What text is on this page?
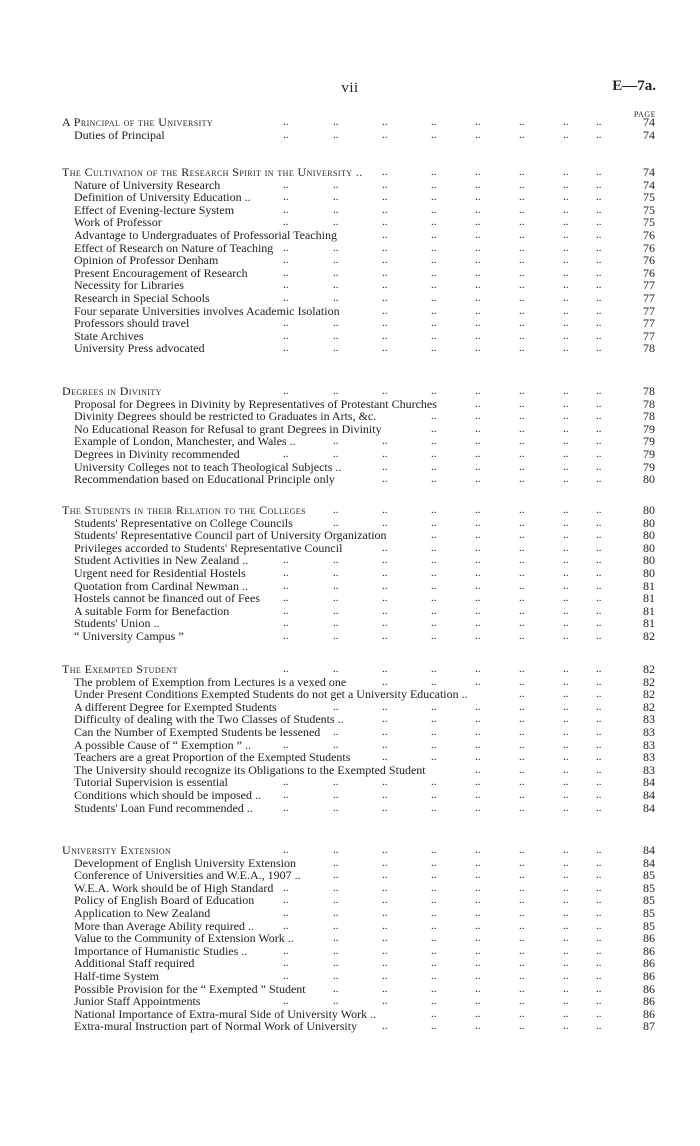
vii	E—7a.
PAGE
A Principal of the University	..	..	..	..	..	..	..	..	74
Duties of Principal	..	..	..	..	..	..	..	..	74
The Cultivation of the Research Spirit in the University .. ..	..	..	..	..	..	74
Nature of University Research	..	..	..	..	..	..	..	..	74
Definition of University Education ..	..	..	..	..	..	..	..	..	75
Effect of Evening-lecture System	..	..	..	..	..	..	..	..	75
Work of Professor	..	..	..	..	..	..	..	..	75
Advantage to Undergraduates of Professorial Teaching	..	..	..	..	..	..	76
Effect of Research on Nature of Teaching ..	..	..	..	..	..	..	..	76
Opinion of Professor Denham	..	..	..	..	..	..	..	..	76
Present Encouragement of Research	..	..	..	..	..	..	..	..	76
Necessity for Libraries	..	..	..	..	..	..	..	..	77
Research in Special Schools	..	..	..	..	..	..	..	..	77
Four separate Universities involves Academic Isolation	..	..	..	..	..	..	77
Professors should travel	..	..	..	..	..	..	..	..	77
State Archives	..	..	..	..	..	..	..	..	77
University Press advocated	..	..	..	..	..	..	..	..	78
Degrees in Divinity	..	..	..	..	..	..	..	..	78
Proposal for Degrees in Divinity by Representatives of Protestant Churches	..	..	..	..	78
Divinity Degrees should be restricted to Graduates in Arts, &c.	..	..	..	..	..	78
No Educational Reason for Refusal to grant Degrees in Divinity	..	..	..	..	..	79
Example of London, Manchester, and Wales ..	..	..	..	..	..	..	..	79
Degrees in Divinity recommended	..	..	..	..	..	..	..	..	79
University Colleges not to teach Theological Subjects ..	..	..	..	..	..	..	79
Recommendation based on Educational Principle only	..	..	..	..	..	..	80
The Students in their Relation to the Colleges ..	..	..	..	..	..	..	80
Students' Representative on College Councils	..	..	..	..	..	..	..	80
Students' Representative Council part of University Organization	..	..	..	..	..	80
Privileges accorded to Students' Representative Council	..	..	..	..	..	..	80
Student Activities in New Zealand ..	..	..	..	..	..	..	..	..	80
Urgent need for Residential Hostels	..	..	..	..	..	..	..	..	80
Quotation from Cardinal Newman ..	..	..	..	..	..	..	..	..	81
Hostels cannot be financed out of Fees ..	..	..	..	..	..	..	..	81
A suitable Form for Benefaction	..	..	..	..	..	..	..	..	81
Students' Union ..	..	..	..	..	..	..	..	..	81
“ University Campus ”	..	..	..	..	..	..	..	..	82
The Exempted Student	..	..	..	..	..	..	..	..	82
The problem of Exemption from Lectures is a vexed one	..	..	..	..	..	..	82
Under Present Conditions Exempted Students do not get a University Education ..	..	..	..	82
A different Degree for Exempted Students	..	..	..	..	..	..	..	82
Difficulty of dealing with the Two Classes of Students ..	..	..	..	..	..	..	83
Can the Number of Exempted Students be lessened ..	..	..	..	..	..	..	83
A possible Cause of “ Exemption ” ..	..	..	..	..	..	..	..	..	83
Teachers are a great Proportion of the Exempted Students	..	..	..	..	..	..	83
The University should recognize its Obligations to the Exempted Student	..	..	..	..	83
Tutorial Supervision is essential	..	..	..	..	..	..	..	..	84
Conditions which should be imposed .. ..	..	..	..	..	..	..	..	84
Students' Loan Fund recommended ..	..	..	..	..	..	..	..	..	84
University Extension	..	..	..	..	..	..	..	..	84
Development of English University Extension	..	..	..	..	..	..	..	84
Conference of Universities and W.E.A., 1907 ..	..	..	..	..	..	..	..	85
W.E.A. Work should be of High Standard ..	..	..	..	..	..	..	..	85
Policy of English Board of Education	..	..	..	..	..	..	..	..	85
Application to New Zealand	..	..	..	..	..	..	..	..	85
More than Average Ability required ..	..	..	..	..	..	..	..	..	85
Value to the Community of Extension Work ..	..	..	..	..	..	..	..	86
Importance of Humanistic Studies ..	..	..	..	..	..	..	..	..	86
Additional Staff required	..	..	..	..	..	..	..	..	86
Half-time System	..	..	..	..	..	..	..	..	86
Possible Provision for the “ Exempted ” Student ..	..	..	..	..	..	..	86
Junior Staff Appointments	..	..	..	..	..	..	..	..	86
National Importance of Extra-mural Side of University Work ..	..	..	..	..	..	86
Extra-mural Instruction part of Normal Work of University ..	..	..	..	..	..	87
